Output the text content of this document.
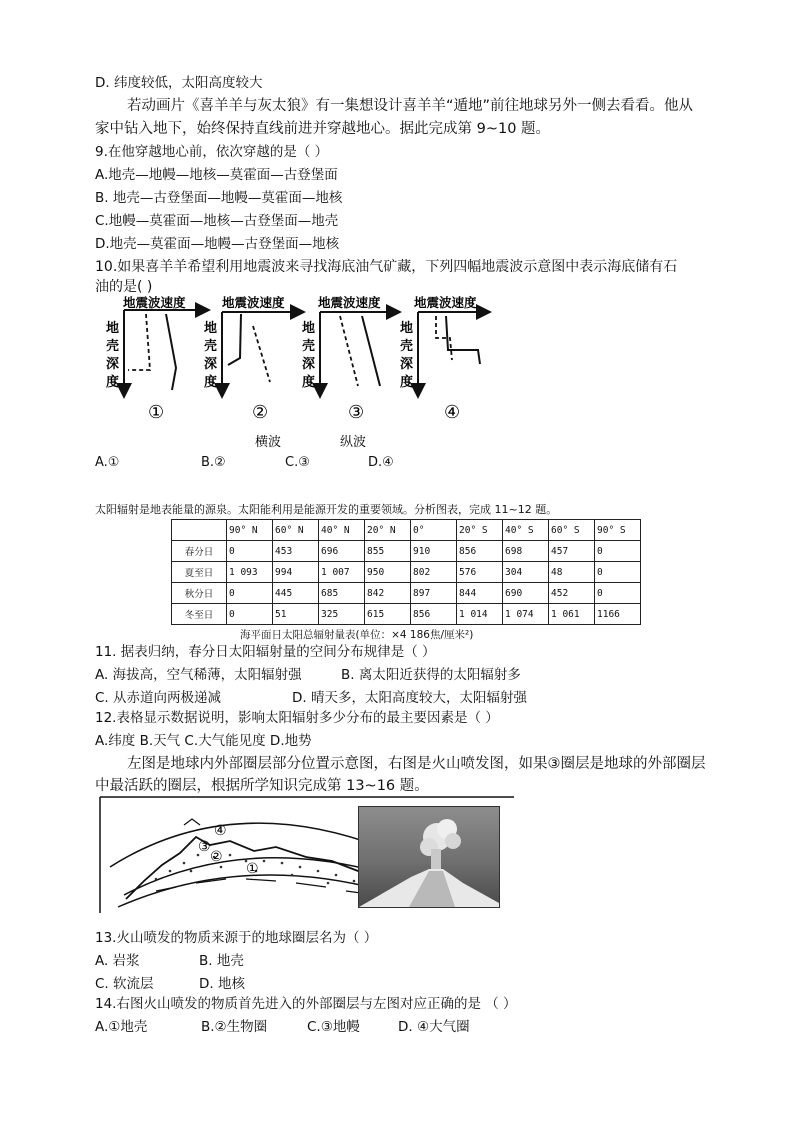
D. 纬度较低，太阳高度较大
若动画片《喜羊羊与灰太狼》有一集想设计喜羊羊“遁地”前往地球另外一侧去看看。他从
家中钻入地下，始终保持直线前进并穿越地心。据此完成第 9~10 题。
9.在他穿越地心前，依次穿越的是（ ）
A.地壳—地幔—地核—莫霍面—古登堡面
B. 地壳—古登堡面—地幔—莫霍面—地核
C.地幔—莫霍面—地核—古登堡面—地壳
D.地壳—莫霍面—地幔—古登堡面—地核
10.如果喜羊羊希望利用地震波来寻找海底油气矿藏，下列四幅地震波示意图中表示海底储有石
油的是( )
地震波速度
地
壳
深
度
①
地震波速度
地
壳
深
度
②
横波
地震波速度
地
壳
深
度
③
纵波
地震波速度
地
壳
深
度
④
A.①	B.②	C.③	D.④
太阳辐射是地表能量的源泉。太阳能利用是能源开发的重要领域。分析图表，完成 11~12 题。
	90° N	60° N	40° N	20° N	0°	20° S	40° S	60° S	90° S
春分日	0	453	696	855	910	856	698	457	0
夏至日	1 093	994	1 007	950	802	576	304	48	0
秋分日	0	445	685	842	897	844	690	452	0
冬至日	0	51	325	615	856	1 014	1 074	1 061	1166
海平面日太阳总辐射量表(单位：×4 186焦/厘米²)
11. 据表归纳，春分日太阳辐射量的空间分布规律是（ ）
A. 海拔高，空气稀薄，太阳辐射强	B. 离太阳近获得的太阳辐射多
C. 从赤道向两极递减	D. 晴天多，太阳高度较大，太阳辐射强
12.表格显示数据说明，影响太阳辐射多少分布的最主要因素是（ ）
A.纬度 B.天气 C.大气能见度 D.地势
左图是地球内外部圈层部分位置示意图，右图是火山喷发图，如果③圈层是地球的外部圈层
中最活跃的圈层，根据所学知识完成第 13~16 题。
④
③
②
①
13.火山喷发的物质来源于的地球圈层名为（ ）
A. 岩浆	B. 地壳
C. 软流层	D. 地核
14.右图火山喷发的物质首先进入的外部圈层与左图对应正确的是 （ ）
A.①地壳	B.②生物圈	C.③地幔	D. ④大气圈
